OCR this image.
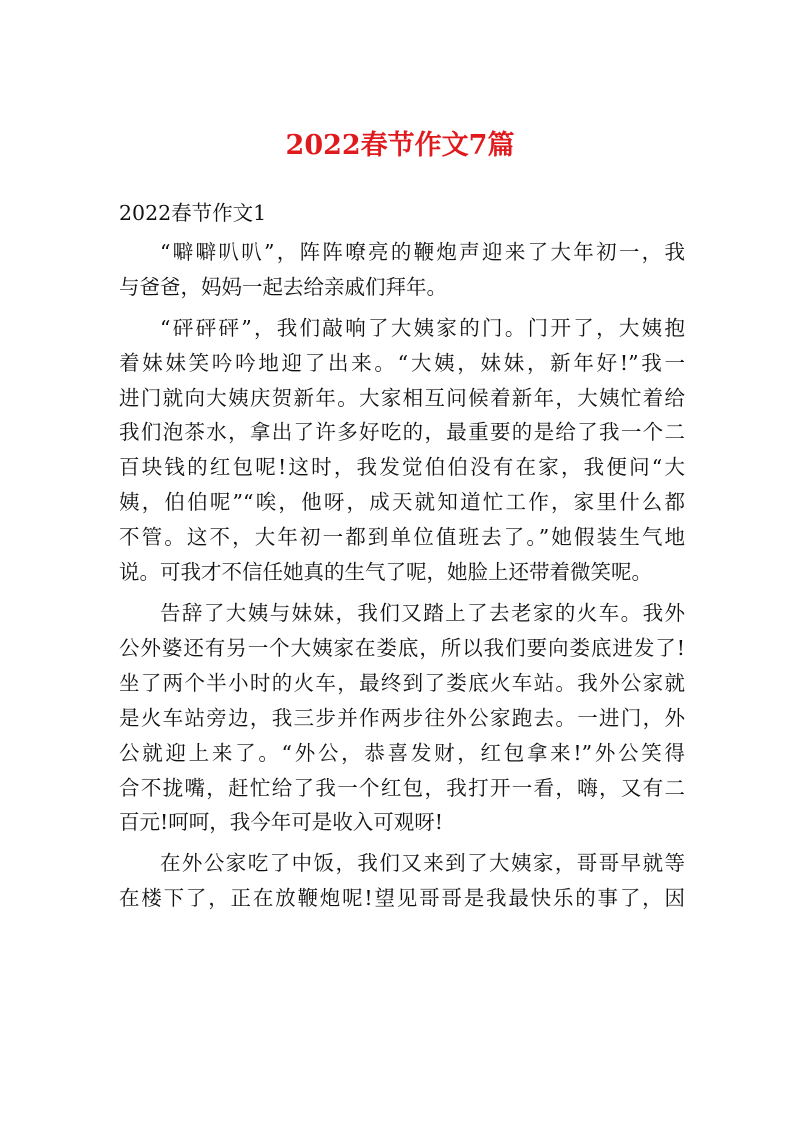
2022春节作文7篇
2022春节作文1
“噼噼叭叭”，阵阵嘹亮的鞭炮声迎来了大年初一，我
与爸爸，妈妈一起去给亲戚们拜年。
“砰砰砰”，我们敲响了大姨家的门。门开了，大姨抱
着妹妹笑吟吟地迎了出来。“大姨，妹妹，新年好!”我一
进门就向大姨庆贺新年。大家相互问候着新年，大姨忙着给
我们泡茶水，拿出了许多好吃的，最重要的是给了我一个二
百块钱的红包呢!这时，我发觉伯伯没有在家，我便问“大
姨，伯伯呢”“唉，他呀，成天就知道忙工作，家里什么都
不管。这不，大年初一都到单位值班去了。”她假装生气地
说。可我才不信任她真的生气了呢，她脸上还带着微笑呢。
告辞了大姨与妹妹，我们又踏上了去老家的火车。我外
公外婆还有另一个大姨家在娄底，所以我们要向娄底进发了!
坐了两个半小时的火车，最终到了娄底火车站。我外公家就
是火车站旁边，我三步并作两步往外公家跑去。一进门，外
公就迎上来了。“外公，恭喜发财，红包拿来!”外公笑得
合不拢嘴，赶忙给了我一个红包，我打开一看，嗨，又有二
百元!呵呵，我今年可是收入可观呀!
在外公家吃了中饭，我们又来到了大姨家，哥哥早就等
在楼下了，正在放鞭炮呢!望见哥哥是我最快乐的事了，因
